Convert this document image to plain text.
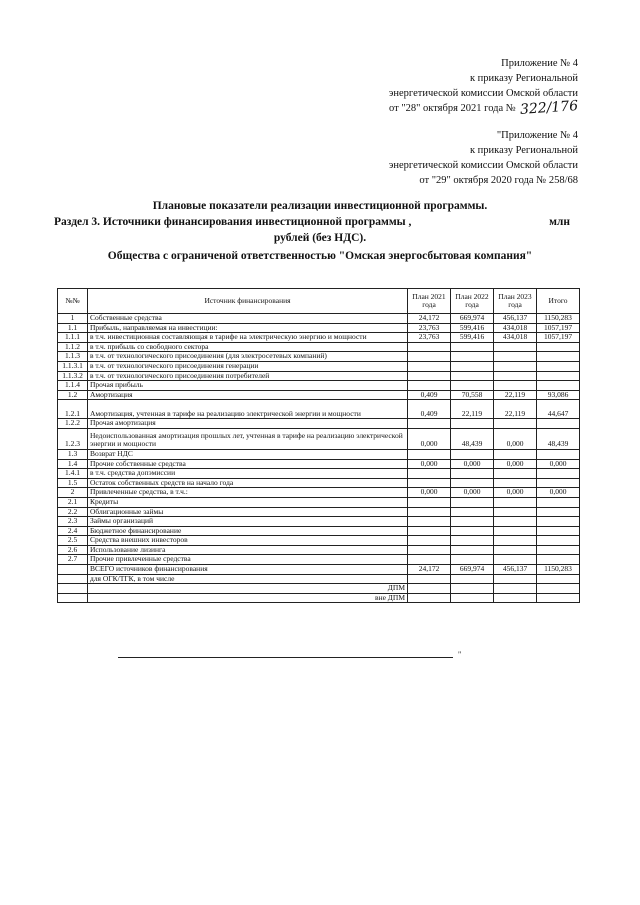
Приложение № 4
к приказу Региональной
энергетической комиссии Омской области
от "28" октября 2021 года № 322/176
"Приложение № 4
к приказу Региональной
энергетической комиссии Омской области
от "29" октября 2020 года № 258/68
Плановые показатели реализации инвестиционной программы.
Раздел 3. Источники финансирования инвестиционной программы ,	млн
рублей (без НДС).
Общества с ограниченой ответственностью "Омская энергосбытовая компания"
№№	Источник финансирования	План 2021 года	План 2022 года	План 2023 года	Итого
1	Собственные средства	24,172	669,974	456,137	1150,283
1.1	Прибыль, направляемая на инвестиции:	23,763	599,416	434,018	1057,197
1.1.1	в т.ч. инвестиционная составляющая в тарифе на электрическую энергию и мощности	23,763	599,416	434,018	1057,197
1.1.2	в т.ч. прибыль со свободного сектора				
1.1.3	в т.ч. от технологического присоединения (для электросетевых компаний)				
1.1.3.1	в т.ч. от технологического присоединения генерации				
1.1.3.2	в т.ч. от технологического присоединения потребителей				
1.1.4	Прочая прибыль				
1.2	Амортизация	0,409	70,558	22,119	93,086
1.2.1	Амортизация, учтенная в тарифе на реализацию электрической энергии и мощности	0,409	22,119	22,119	44,647
1.2.2	Прочая амортизация				
1.2.3	Недоиспользованная амортизация прошлых лет, учтенная в тарифе на реализацию электрической энергии и мощности	0,000	48,439	0,000	48,439
1.3	Возврат НДС				
1.4	Прочие собственные средства	0,000	0,000	0,000	0,000
1.4.1	в т.ч. средства допэмиссии				
1.5	Остаток собственных средств на начало года				
2	Привлеченные средства, в т.ч.:	0,000	0,000	0,000	0,000
2.1	Кредиты				
2.2	Облигационные займы				
2.3	Займы организаций				
2.4	Бюджетное финансирование				
2.5	Средства внешних инвесторов				
2.6	Использование лизинга				
2.7	Прочие привлеченные средства				
	ВСЕГО источников финансирования	24,172	669,974	456,137	1150,283
	для ОГК/ТГК, в том числе				
	ДПМ				
	вне ДПМ				
"
